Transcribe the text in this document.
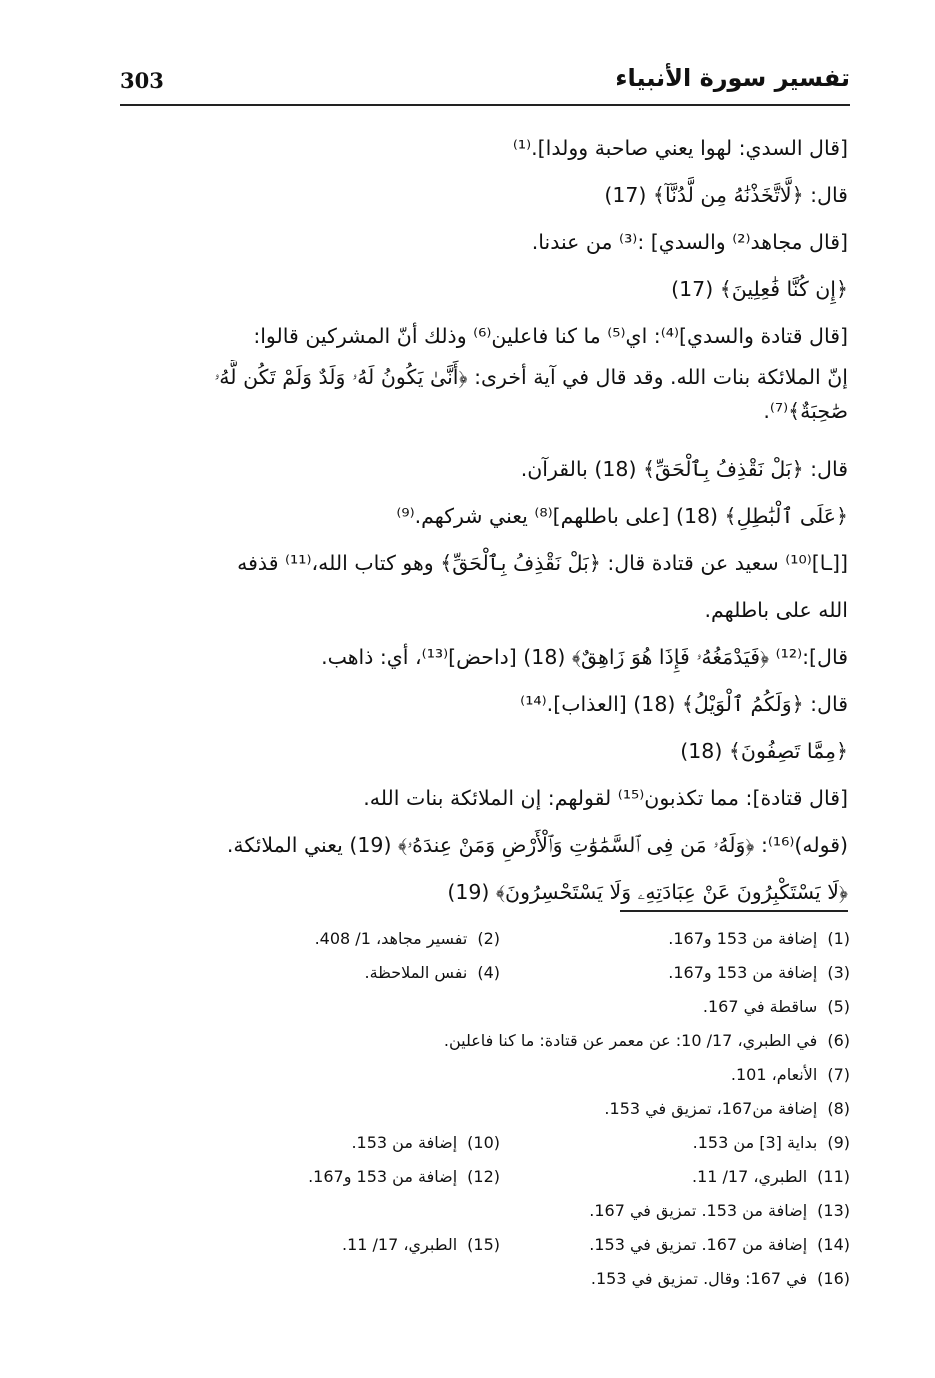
303	تفسير سورة الأنبياء
[قال السدي: لهوا يعني صاحبة وولدا].⁽¹⁾
قال: ﴿لَّاتَّخَذْنَٰهُ مِن لَّدُنَّآ﴾ (17)
[قال مجاهد⁽²⁾ والسدي] :⁽³⁾ من عندنا.
﴿إِن كُنَّا فَٰعِلِينَ﴾ (17)
[قال قتادة والسدي]⁽⁴⁾: اي⁽⁵⁾ ما كنا فاعلين⁽⁶⁾ وذلك أنّ المشركين قالوا:
إنّ الملائكة بنات الله. وقد قال في آية أخرى: ﴿أَنَّىٰ يَكُونُ لَهُۥ وَلَدٌ وَلَمْ تَكُن لَّهُۥ
صَٰحِبَةٌ﴾⁽⁷⁾.
قال: ﴿بَلْ نَقْذِفُ بِٱلْحَقِّ﴾ (18) بالقرآن.
﴿عَلَى ٱلْبَٰطِلِ﴾ (18) [على باطلهم]⁽⁸⁾ يعني شركهم.⁽⁹⁾
[[ـا]⁽¹⁰⁾ سعيد عن قتادة قال: ﴿بَلْ نَقْذِفُ بِٱلْحَقِّ﴾ وهو كتاب الله،⁽¹¹⁾ قذفه
الله على باطلهم.
قال]:⁽¹²⁾ ﴿فَيَدْمَغُهُۥ فَإِذَا هُوَ زَاهِقٌ﴾ (18) [داحض]⁽¹³⁾، أي: ذاهب.
قال: ﴿وَلَكُمُ ٱلْوَيْلُ﴾ (18) [العذاب].⁽¹⁴⁾
﴿مِمَّا تَصِفُونَ﴾ (18)
[قال قتادة]: مما تكذبون⁽¹⁵⁾ لقولهم: إن الملائكة بنات الله.
(قوله)⁽¹⁶⁾: ﴿وَلَهُۥ مَن فِى ٱلسَّمَٰوَٰتِ وَٱلْأَرْضِ وَمَنْ عِندَهُۥ﴾ (19) يعني الملائكة.
﴿لَا يَسْتَكْبِرُونَ عَنْ عِبَادَتِهِۦ وَلَا يَسْتَحْسِرُونَ﴾ (19)
(1)إضافة من 153 و167.(2)تفسير مجاهد، 1/ 408.
(3)إضافة من 153 و167.(4)نفس الملاحظة.
(5)ساقطة في 167.
(6)في الطبري، 17/ 10: عن معمر عن قتادة: ما كنا فاعلين.
(7)الأنعام، 101.
(8)إضافة من167، تمزيق في 153.
(9)بداية [3] من 153.(10)إضافة من 153.
(11)الطبري، 17/ 11.(12)إضافة من 153 و167.
(13)إضافة من 153. تمزيق في 167.
(14)إضافة من 167. تمزيق في 153.(15)الطبري، 17/ 11.
(16)في 167: وقال. تمزيق في 153.
